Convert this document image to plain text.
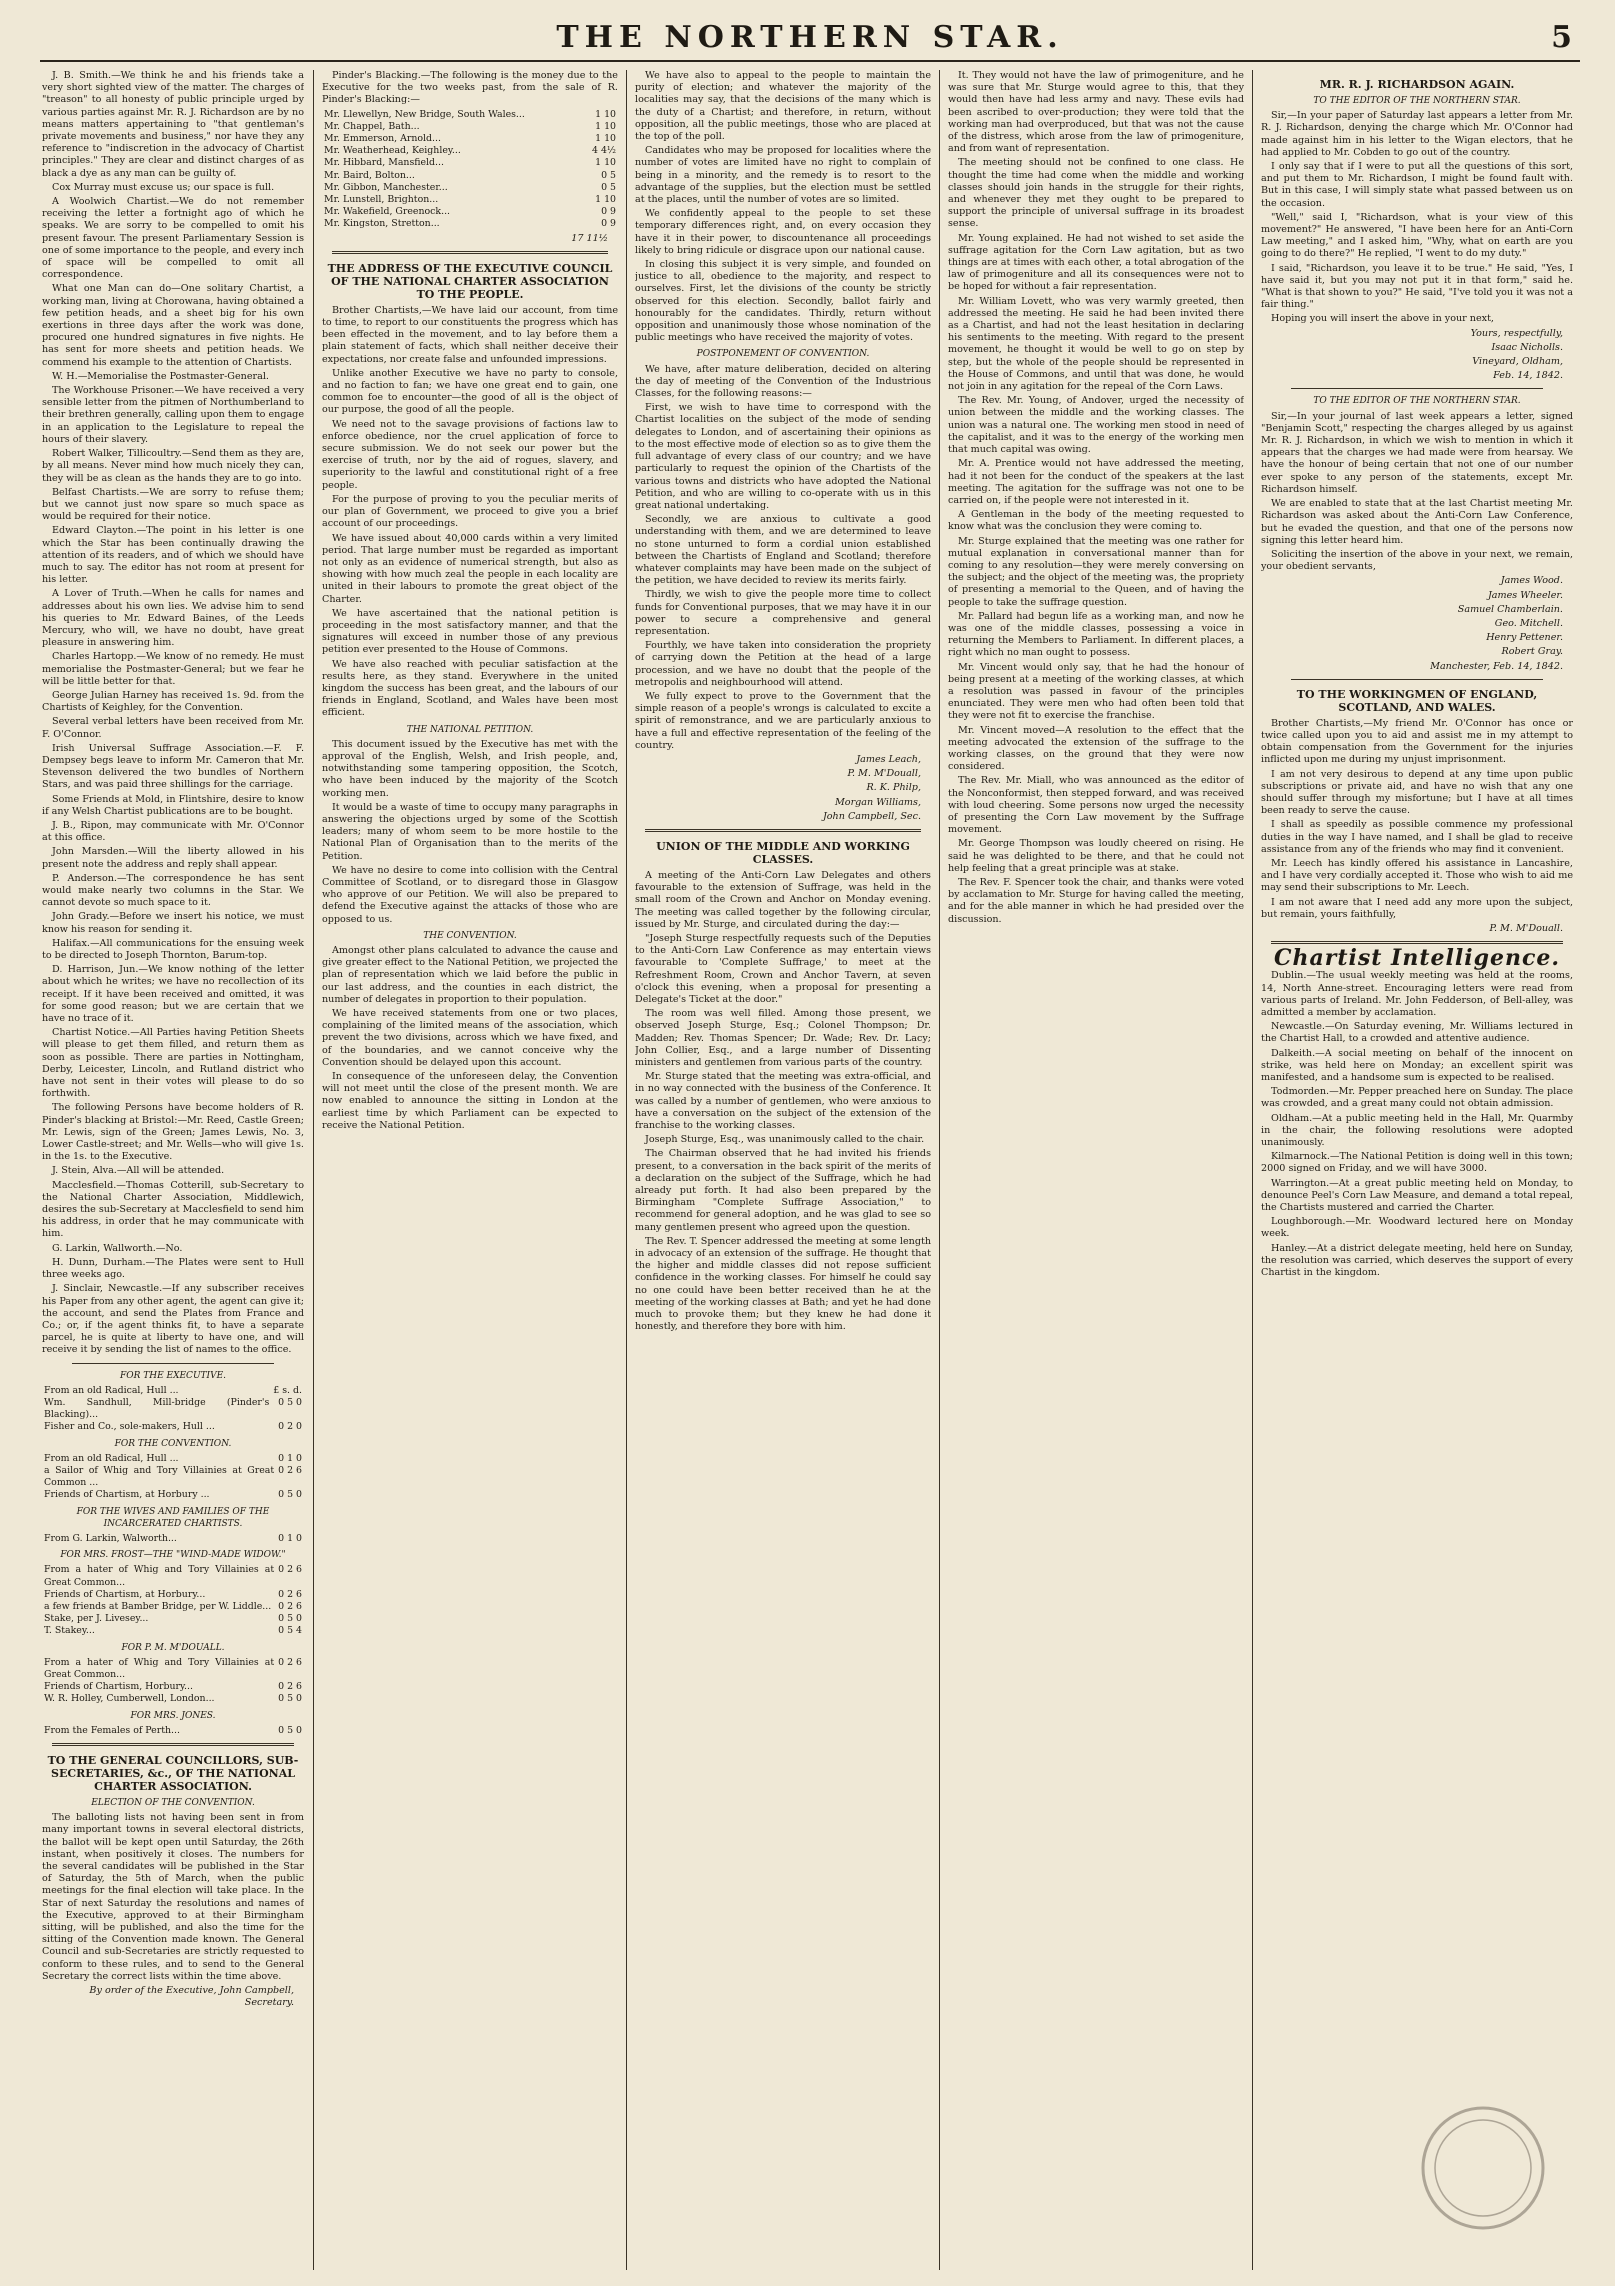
THE NORTHERN STAR.	5

J. B. Smith.—We think he and his friends take a very short sighted view of the matter. The charges of "treason" to all honesty of public principle urged by various parties against Mr. R. J. Richardson are by no means matters appertaining to "that gentleman's private movements and business," nor have they any reference to "indiscretion in the advocacy of Chartist principles." They are clear and distinct charges of as black a dye as any man can be guilty of.

Cox Murray must excuse us; our space is full.

A Woolwich Chartist.—We do not remember receiving the letter a fortnight ago of which he speaks. We are sorry to be compelled to omit his present favour. The present Parliamentary Session is one of some importance to the people, and every inch of space will be compelled to omit all correspondence.

What one Man can do—One solitary Chartist, a working man, living at Chorowana, having obtained a few petition heads, and a sheet big for his own exertions in three days after the work was done, procured one hundred signatures in five nights. He has sent for more sheets and petition heads. We commend his example to the attention of Chartists.

W. H.—Memorialise the Postmaster-General.

The Workhouse Prisoner.—We have received a very sensible letter from the pitmen of Northumberland to their brethren generally, calling upon them to engage in an application to the Legislature to repeal the hours of their slavery.

Robert Walker, Tillicoultry.—Send them as they are, by all means. Never mind how much nicely they can, they will be as clean as the hands they are to go into.

Belfast Chartists.—We are sorry to refuse them; but we cannot just now spare so much space as would be required for their notice.

Edward Clayton.—The point in his letter is one which the Star has been continually drawing the attention of its readers, and of which we should have much to say. The editor has not room at present for his letter.

A Lover of Truth.—When he calls for names and addresses about his own lies. We advise him to send his queries to Mr. Edward Baines, of the Leeds Mercury, who will, we have no doubt, have great pleasure in answering him.

Charles Hartopp.—We know of no remedy. He must memorialise the Postmaster-General; but we fear he will be little better for that.

George Julian Harney has received 1s. 9d. from the Chartists of Keighley, for the Convention.

Several verbal letters have been received from Mr. F. O'Connor.

Irish Universal Suffrage Association.—F. F. Dempsey begs leave to inform Mr. Cameron that Mr. Stevenson delivered the two bundles of Northern Stars, and was paid three shillings for the carriage.

Some Friends at Mold, in Flintshire, desire to know if any Welsh Chartist publications are to be bought.

J. B., Ripon, may communicate with Mr. O'Connor at this office.

John Marsden.—Will the liberty allowed in his present note the address and reply shall appear.

P. Anderson.—The correspondence he has sent would make nearly two columns in the Star. We cannot devote so much space to it.

John Grady.—Before we insert his notice, we must know his reason for sending it.

Halifax.—All communications for the ensuing week to be directed to Joseph Thornton, Barum-top.

D. Harrison, Jun.—We know nothing of the letter about which he writes; we have no recollection of its receipt. If it have been received and omitted, it was for some good reason; but we are certain that we have no trace of it.

Chartist Notice.—All Parties having Petition Sheets will please to get them filled, and return them as soon as possible. There are parties in Nottingham, Derby, Leicester, Lincoln, and Rutland district who have not sent in their votes will please to do so forthwith.

The following Persons have become holders of R. Pinder's blacking at Bristol:—Mr. Reed, Castle Green; Mr. Lewis, sign of the Green; James Lewis, No. 3, Lower Castle-street; and Mr. Wells—who will give 1s. in the 1s. to the Executive.

J. Stein, Alva.—All will be attended.

Macclesfield.—Thomas Cotterill, sub-Secretary to the National Charter Association, Middlewich, desires the sub-Secretary at Macclesfield to send him his address, in order that he may communicate with him.

G. Larkin, Wallworth.—No.

H. Dunn, Durham.—The Plates were sent to Hull three weeks ago.

J. Sinclair, Newcastle.—If any subscriber receives his Paper from any other agent, the agent can give it; the account, and send the Plates from France and Co.; or, if the agent thinks fit, to have a separate parcel, he is quite at liberty to have one, and will receive it by sending the list of names to the office.

FOR THE EXECUTIVE.
From an old Radical, Hull ...	£ s. d.
Wm. Sandhull, Mill-bridge (Pinder's Blacking)...	0 5 0
Fisher and Co., sole-makers, Hull ...	0 2 0
FOR THE CONVENTION.
From an old Radical, Hull ...	0 1 0
a Sailor of Whig and Tory Villainies at Great Common ...	0 2 6
Friends of Chartism, at Horbury ...	0 5 0
FOR THE WIVES AND FAMILIES OF THE INCARCERATED CHARTISTS.
From G. Larkin, Walworth...	0 1 0
FOR MRS. FROST—THE "WIND-MADE WIDOW."
From a hater of Whig and Tory Villainies at Great Common...	0 2 6
Friends of Chartism, at Horbury...	0 2 6
a few friends at Bamber Bridge, per W. Liddle...	0 2 6
Stake, per J. Livesey...	0 5 0
T. Stakey...	0 5 4
FOR P. M. M'DOUALL.
From a hater of Whig and Tory Villainies at Great Common...	0 2 6
Friends of Chartism, Horbury...	0 2 6
W. R. Holley, Cumberwell, London...	0 5 0
FOR MRS. JONES.
From the Females of Perth...	0 5 0
TO THE GENERAL COUNCILLORS, SUB-SECRETARIES, &c., OF THE NATIONAL CHARTER ASSOCIATION.
ELECTION OF THE CONVENTION.

The balloting lists not having been sent in from many important towns in several electoral districts, the ballot will be kept open until Saturday, the 26th instant, when positively it closes. The numbers for the several candidates will be published in the Star of Saturday, the 5th of March, when the public meetings for the final election will take place. In the Star of next Saturday the resolutions and names of the Executive, approved to at their Birmingham sitting, will be published, and also the time for the sitting of the Convention made known. The General Council and sub-Secretaries are strictly requested to conform to these rules, and to send to the General Secretary the correct lists within the time above.

By order of the Executive, John Campbell, Secretary.

Pinder's Blacking.—The following is the money due to the Executive for the two weeks past, from the sale of R. Pinder's Blacking:—

Mr. Llewellyn, New Bridge, South Wales...	1 10
Mr. Chappel, Bath...	1 10
Mr. Emmerson, Arnold...	1 10
Mr. Weatherhead, Keighley...	4 4½
Mr. Hibbard, Mansfield...	1 10
Mr. Baird, Bolton...	0 5
Mr. Gibbon, Manchester...	0 5
Mr. Lunstell, Brighton...	1 10
Mr. Wakefield, Greenock...	0 9
Mr. Kingston, Stretton...	0 9
17 11½
THE ADDRESS OF THE EXECUTIVE COUNCIL OF THE NATIONAL CHARTER ASSOCIATION TO THE PEOPLE.

Brother Chartists,—We have laid our account, from time to time, to report to our constituents the progress which has been effected in the movement, and to lay before them a plain statement of facts, which shall neither deceive their expectations, nor create false and unfounded impressions.

Unlike another Executive we have no party to console, and no faction to fan; we have one great end to gain, one common foe to encounter—the good of all is the object of our purpose, the good of all the people.

We need not to the savage provisions of factions law to enforce obedience, nor the cruel application of force to secure submission. We do not seek our power but the exercise of truth, nor by the aid of rogues, slavery, and superiority to the lawful and constitutional right of a free people.

For the purpose of proving to you the peculiar merits of our plan of Government, we proceed to give you a brief account of our proceedings.

We have issued about 40,000 cards within a very limited period. That large number must be regarded as important not only as an evidence of numerical strength, but also as showing with how much zeal the people in each locality are united in their labours to promote the great object of the Charter.

We have ascertained that the national petition is proceeding in the most satisfactory manner, and that the signatures will exceed in number those of any previous petition ever presented to the House of Commons.

We have also reached with peculiar satisfaction at the results here, as they stand. Everywhere in the united kingdom the success has been great, and the labours of our friends in England, Scotland, and Wales have been most efficient.

THE NATIONAL PETITION.

This document issued by the Executive has met with the approval of the English, Welsh, and Irish people, and, notwithstanding some tampering opposition, the Scotch, who have been induced by the majority of the Scotch working men.

It would be a waste of time to occupy many paragraphs in answering the objections urged by some of the Scottish leaders; many of whom seem to be more hostile to the National Plan of Organisation than to the merits of the Petition.

We have no desire to come into collision with the Central Committee of Scotland, or to disregard those in Glasgow who approve of our Petition. We will also be prepared to defend the Executive against the attacks of those who are opposed to us.

THE CONVENTION.

Amongst other plans calculated to advance the cause and give greater effect to the National Petition, we projected the plan of representation which we laid before the public in our last address, and the counties in each district, the number of delegates in proportion to their population.

We have received statements from one or two places, complaining of the limited means of the association, which prevent the two divisions, across which we have fixed, and of the boundaries, and we cannot conceive why the Convention should be delayed upon this account.

In consequence of the unforeseen delay, the Convention will not meet until the close of the present month. We are now enabled to announce the sitting in London at the earliest time by which Parliament can be expected to receive the National Petition.

We have also to appeal to the people to maintain the purity of election; and whatever the majority of the localities may say, that the decisions of the many which is the duty of a Chartist; and therefore, in return, without opposition, all the public meetings, those who are placed at the top of the poll.

Candidates who may be proposed for localities where the number of votes are limited have no right to complain of being in a minority, and the remedy is to resort to the advantage of the supplies, but the election must be settled at the places, until the number of votes are so limited.

We confidently appeal to the people to set these temporary differences right, and, on every occasion they have it in their power, to discountenance all proceedings likely to bring ridicule or disgrace upon our national cause.

In closing this subject it is very simple, and founded on justice to all, obedience to the majority, and respect to ourselves. First, let the divisions of the county be strictly observed for this election. Secondly, ballot fairly and honourably for the candidates. Thirdly, return without opposition and unanimously those whose nomination of the public meetings who have received the majority of votes.

POSTPONEMENT OF CONVENTION.

We have, after mature deliberation, decided on altering the day of meeting of the Convention of the Industrious Classes, for the following reasons:—

First, we wish to have time to correspond with the Chartist localities on the subject of the mode of sending delegates to London, and of ascertaining their opinions as to the most effective mode of election so as to give them the full advantage of every class of our country; and we have particularly to request the opinion of the Chartists of the various towns and districts who have adopted the National Petition, and who are willing to co-operate with us in this great national undertaking.

Secondly, we are anxious to cultivate a good understanding with them, and we are determined to leave no stone unturned to form a cordial union established between the Chartists of England and Scotland; therefore whatever complaints may have been made on the subject of the petition, we have decided to review its merits fairly.

Thirdly, we wish to give the people more time to collect funds for Conventional purposes, that we may have it in our power to secure a comprehensive and general representation.

Fourthly, we have taken into consideration the propriety of carrying down the Petition at the head of a large procession, and we have no doubt that the people of the metropolis and neighbourhood will attend.

We fully expect to prove to the Government that the simple reason of a people's wrongs is calculated to excite a spirit of remonstrance, and we are particularly anxious to have a full and effective representation of the feeling of the country.

James Leach,
P. M. M'Douall,
R. K. Philp,
Morgan Williams,
John Campbell, Sec.
UNION OF THE MIDDLE AND WORKING CLASSES.

A meeting of the Anti-Corn Law Delegates and others favourable to the extension of Suffrage, was held in the small room of the Crown and Anchor on Monday evening. The meeting was called together by the following circular, issued by Mr. Sturge, and circulated during the day:—

"Joseph Sturge respectfully requests such of the Deputies to the Anti-Corn Law Conference as may entertain views favourable to 'Complete Suffrage,' to meet at the Refreshment Room, Crown and Anchor Tavern, at seven o'clock this evening, when a proposal for presenting a Delegate's Ticket at the door."

The room was well filled. Among those present, we observed Joseph Sturge, Esq.; Colonel Thompson; Dr. Madden; Rev. Thomas Spencer; Dr. Wade; Rev. Dr. Lacy; John Collier, Esq., and a large number of Dissenting ministers and gentlemen from various parts of the country.

Mr. Sturge stated that the meeting was extra-official, and in no way connected with the business of the Conference. It was called by a number of gentlemen, who were anxious to have a conversation on the subject of the extension of the franchise to the working classes.

Joseph Sturge, Esq., was unanimously called to the chair.

The Chairman observed that he had invited his friends present, to a conversation in the back spirit of the merits of a declaration on the subject of the Suffrage, which he had already put forth. It had also been prepared by the Birmingham "Complete Suffrage Association," to recommend for general adoption, and he was glad to see so many gentlemen present who agreed upon the question.

The Rev. T. Spencer addressed the meeting at some length in advocacy of an extension of the suffrage. He thought that the higher and middle classes did not repose sufficient confidence in the working classes. For himself he could say no one could have been better received than he at the meeting of the working classes at Bath; and yet he had done much to provoke them; but they knew he had done it honestly, and therefore they bore with him.

It. They would not have the law of primogeniture, and he was sure that Mr. Sturge would agree to this, that they would then have had less army and navy. These evils had been ascribed to over-production; they were told that the working man had overproduced, but that was not the cause of the distress, which arose from the law of primogeniture, and from want of representation.

The meeting should not be confined to one class. He thought the time had come when the middle and working classes should join hands in the struggle for their rights, and whenever they met they ought to be prepared to support the principle of universal suffrage in its broadest sense.

Mr. Young explained. He had not wished to set aside the suffrage agitation for the Corn Law agitation, but as two things are at times with each other, a total abrogation of the law of primogeniture and all its consequences were not to be hoped for without a fair representation.

Mr. William Lovett, who was very warmly greeted, then addressed the meeting. He said he had been invited there as a Chartist, and had not the least hesitation in declaring his sentiments to the meeting. With regard to the present movement, he thought it would be well to go on step by step, but the whole of the people should be represented in the House of Commons, and until that was done, he would not join in any agitation for the repeal of the Corn Laws.

The Rev. Mr. Young, of Andover, urged the necessity of union between the middle and the working classes. The union was a natural one. The working men stood in need of the capitalist, and it was to the energy of the working men that much capital was owing.

Mr. A. Prentice would not have addressed the meeting, had it not been for the conduct of the speakers at the last meeting. The agitation for the suffrage was not one to be carried on, if the people were not interested in it.

A Gentleman in the body of the meeting requested to know what was the conclusion they were coming to.

Mr. Sturge explained that the meeting was one rather for mutual explanation in conversational manner than for coming to any resolution—they were merely conversing on the subject; and the object of the meeting was, the propriety of presenting a memorial to the Queen, and of having the people to take the suffrage question.

Mr. Pallard had begun life as a working man, and now he was one of the middle classes, possessing a voice in returning the Members to Parliament. In different places, a right which no man ought to possess.

Mr. Vincent would only say, that he had the honour of being present at a meeting of the working classes, at which a resolution was passed in favour of the principles enunciated. They were men who had often been told that they were not fit to exercise the franchise.

Mr. Vincent moved—A resolution to the effect that the meeting advocated the extension of the suffrage to the working classes, on the ground that they were now considered.

The Rev. Mr. Miall, who was announced as the editor of the Nonconformist, then stepped forward, and was received with loud cheering. Some persons now urged the necessity of presenting the Corn Law movement by the Suffrage movement.

Mr. George Thompson was loudly cheered on rising. He said he was delighted to be there, and that he could not help feeling that a great principle was at stake.

The Rev. F. Spencer took the chair, and thanks were voted by acclamation to Mr. Sturge for having called the meeting, and for the able manner in which he had presided over the discussion.

MR. R. J. RICHARDSON AGAIN.
TO THE EDITOR OF THE NORTHERN STAR.

Sir,—In your paper of Saturday last appears a letter from Mr. R. J. Richardson, denying the charge which Mr. O'Connor had made against him in his letter to the Wigan electors, that he had applied to Mr. Cobden to go out of the country.

I only say that if I were to put all the questions of this sort, and put them to Mr. Richardson, I might be found fault with. But in this case, I will simply state what passed between us on the occasion.

"Well," said I, "Richardson, what is your view of this movement?" He answered, "I have been here for an Anti-Corn Law meeting," and I asked him, "Why, what on earth are you going to do there?" He replied, "I went to do my duty."

I said, "Richardson, you leave it to be true." He said, "Yes, I have said it, but you may not put it in that form," said he. "What is that shown to you?" He said, "I've told you it was not a fair thing."

Hoping you will insert the above in your next,

Yours, respectfully,
Isaac Nicholls.
Vineyard, Oldham,
Feb. 14, 1842.
TO THE EDITOR OF THE NORTHERN STAR.

Sir,—In your journal of last week appears a letter, signed "Benjamin Scott," respecting the charges alleged by us against Mr. R. J. Richardson, in which we wish to mention in which it appears that the charges we had made were from hearsay. We have the honour of being certain that not one of our number ever spoke to any person of the statements, except Mr. Richardson himself.

We are enabled to state that at the last Chartist meeting Mr. Richardson was asked about the Anti-Corn Law Conference, but he evaded the question, and that one of the persons now signing this letter heard him.

Soliciting the insertion of the above in your next, we remain, your obedient servants,

James Wood.
James Wheeler.
Samuel Chamberlain.
Geo. Mitchell.
Henry Pettener.
Robert Gray.
Manchester, Feb. 14, 1842.
TO THE WORKINGMEN OF ENGLAND, SCOTLAND, AND WALES.

Brother Chartists,—My friend Mr. O'Connor has once or twice called upon you to aid and assist me in my attempt to obtain compensation from the Government for the injuries inflicted upon me during my unjust imprisonment.

I am not very desirous to depend at any time upon public subscriptions or private aid, and have no wish that any one should suffer through my misfortune; but I have at all times been ready to serve the cause.

I shall as speedily as possible commence my professional duties in the way I have named, and I shall be glad to receive assistance from any of the friends who may find it convenient.

Mr. Leech has kindly offered his assistance in Lancashire, and I have very cordially accepted it. Those who wish to aid me may send their subscriptions to Mr. Leech.

I am not aware that I need add any more upon the subject, but remain, yours faithfully,

P. M. M'Douall.
Chartist Intelligence.

Dublin.—The usual weekly meeting was held at the rooms, 14, North Anne-street. Encouraging letters were read from various parts of Ireland. Mr. John Fedderson, of Bell-alley, was admitted a member by acclamation.

Newcastle.—On Saturday evening, Mr. Williams lectured in the Chartist Hall, to a crowded and attentive audience.

Dalkeith.—A social meeting on behalf of the innocent on strike, was held here on Monday; an excellent spirit was manifested, and a handsome sum is expected to be realised.

Todmorden.—Mr. Pepper preached here on Sunday. The place was crowded, and a great many could not obtain admission.

Oldham.—At a public meeting held in the Hall, Mr. Quarmby in the chair, the following resolutions were adopted unanimously.

Kilmarnock.—The National Petition is doing well in this town; 2000 signed on Friday, and we will have 3000.

Warrington.—At a great public meeting held on Monday, to denounce Peel's Corn Law Measure, and demand a total repeal, the Chartists mustered and carried the Charter.

Loughborough.—Mr. Woodward lectured here on Monday week.

Hanley.—At a district delegate meeting, held here on Sunday, the resolution was carried, which deserves the support of every Chartist in the kingdom.
